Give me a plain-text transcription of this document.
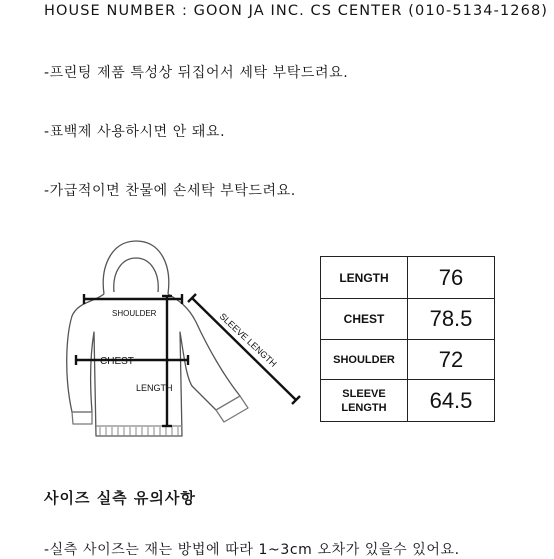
HOUSE NUMBER : GOON JA INC. CS CENTER (010-5134-1268)
-프린팅 제품 특성상 뒤집어서 세탁 부탁드려요.
-표백제 사용하시면 안 돼요.
-가급적이면 찬물에 손세탁 부탁드려요.
SHOULDER
CHEST
LENGTH
SLEEVE LENGTH
LENGTH	76
CHEST	78.5
SHOULDER	72

SLEEVE
LENGTH	64.5
사이즈 실측 유의사항
-실측 사이즈는 재는 방법에 따라 1~3cm 오차가 있을수 있어요.
